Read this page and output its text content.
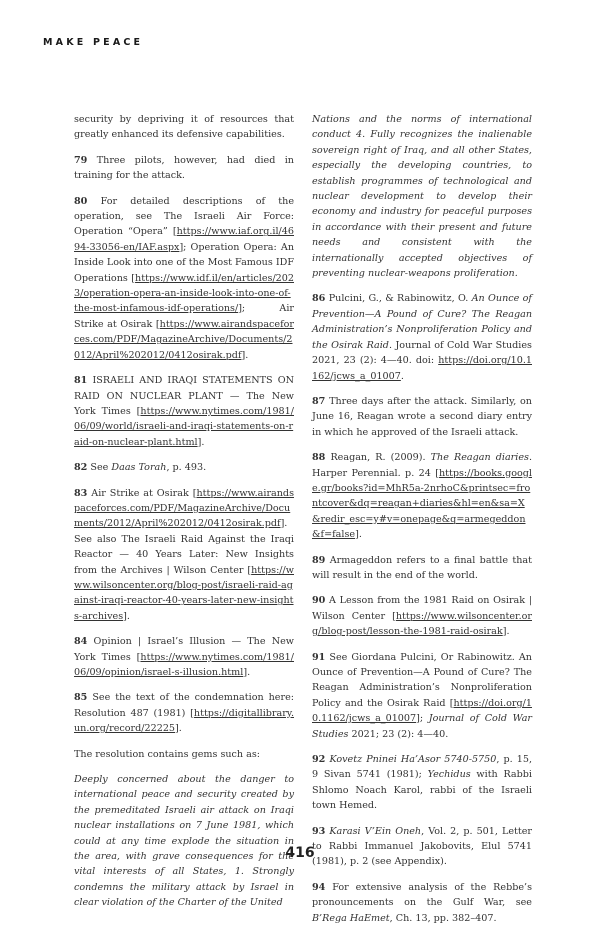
MAKE PEACE

security by depriving it of resources that greatly enhanced its defensive capabilities.

79 Three pilots, however, had died in training for the attack.

80 For detailed descriptions of the operation, see The Israeli Air Force: Operation “Opera” [https://www.iaf.org.il/4694-33056-en/IAF.aspx]; Operation Opera: An Inside Look into one of the Most Famous IDF Operations [https://www.idf.il/en/articles/2023/operation-opera-an-inside-look-into-one-of-the-most-infamous-idf-operations/]; Air Strike at Osirak [https://www.airandspaceforces.com/PDF/MagazineArchive/Documents/2012/April%202012/0412osirak.pdf].

81 ISRAELI AND IRAQI STATEMENTS ON RAID ON NUCLEAR PLANT — The New York Times [https://www.nytimes.com/1981/06/09/world/israeli-and-iraqi-statements-on-raid-on-nuclear-plant.html].

82 See Daas Torah, p. 493.

83 Air Strike at Osirak [https://www.airandspaceforces.com/PDF/MagazineArchive/Documents/2012/April%202012/0412osirak.pdf]. See also The Israeli Raid Against the Iraqi Reactor — 40 Years Later: New Insights from the Archives | Wilson Center [https://www.wilsoncenter.org/blog-post/israeli-raid-against-iraqi-reactor-40-years-later-new-insights-archives].

84 Opinion | Israel’s Illusion — The New York Times [https://www.nytimes.com/1981/06/09/opinion/israel-s-illusion.html].

85 See the text of the condemnation here: Resolution 487 (1981) [https://digitallibrary.un.org/record/22225].

The resolution contains gems such as:

Deeply concerned about the danger to international peace and security created by the premeditated Israeli air attack on Iraqi nuclear installations on 7 June 1981, which could at any time explode the situation in the area, with grave consequences for the vital interests of all States, 1. Strongly condemns the military attack by Israel in clear violation of the Charter of the United

Nations and the norms of international conduct 4. Fully recognizes the inalienable sovereign right of Iraq, and all other States, especially the developing countries, to establish programmes of technological and nuclear development to develop their economy and industry for peaceful purposes in accordance with their present and future needs and consistent with the internationally accepted objectives of preventing nuclear-weapons proliferation.

86 Pulcini, G., & Rabinowitz, O. An Ounce of Prevention—A Pound of Cure? The Reagan Administration’s Nonproliferation Policy and the Osirak Raid. Journal of Cold War Studies 2021, 23 (2): 4—40. doi: https://doi.org/10.1162/jcws_a_01007.

87 Three days after the attack. Similarly, on June 16, Reagan wrote a second diary entry in which he approved of the Israeli attack.

88 Reagan, R. (2009). The Reagan diaries. Harper Perennial. p. 24 [https://books.google.gr/books?id=MhR5a-2nrhoC&printsec=frontcover&dq=reagan+diaries&hl=en&sa=X&redir_esc=y#v=onepage&q=armegeddon&f=false].

89 Armageddon refers to a final battle that will result in the end of the world.

90 A Lesson from the 1981 Raid on Osirak | Wilson Center [https://www.wilsoncenter.org/blog-post/lesson-the-1981-raid-osirak].

91 See Giordana Pulcini, Or Rabinowitz. An Ounce of Prevention—A Pound of Cure? The Reagan Administration’s Nonproliferation Policy and the Osirak Raid [https://doi.org/10.1162/jcws_a_01007]; Journal of Cold War Studies 2021; 23 (2): 4—40.

92 Kovetz Pninei Ha’Asor 5740-5750, p. 15, 9 Sivan 5741 (1981); Yechidus with Rabbi Shlomo Noach Karol, rabbi of the Israeli town Hemed.

93 Karasi V’Ein Oneh, Vol. 2, p. 501, Letter to Rabbi Immanuel Jakobovits, Elul 5741 (1981), p. 2 (see Appendix).

94 For extensive analysis of the Rebbe’s pronouncements on the Gulf War, see B’Rega HaEmet, Ch. 13, pp. 382–407.

416
